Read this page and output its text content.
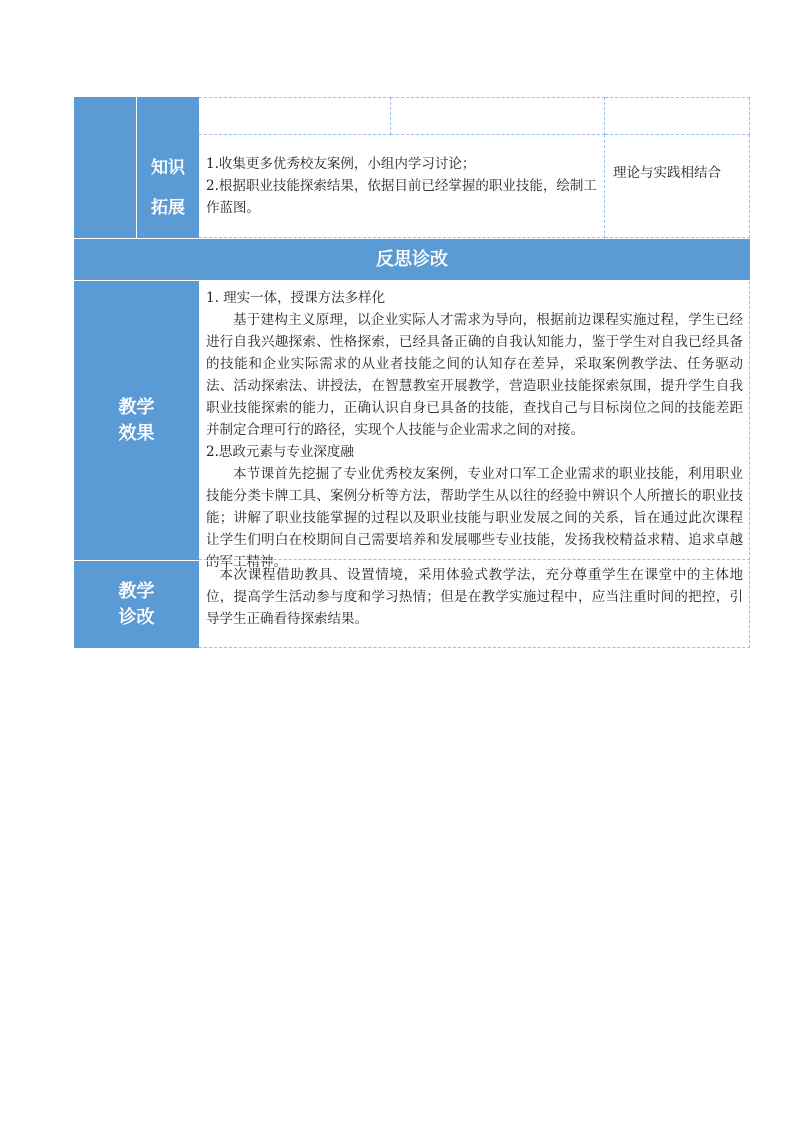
知识
拓展

1.收集更多优秀校友案例，小组内学习讨论；

2.根据职业技能探索结果，依据目前已经掌握的职业技能，绘制工作蓝图。

理论与实践相结合

反思诊改
教学
效果

1. 理实一体，授课方法多样化

基于建构主义原理，以企业实际人才需求为导向，根据前边课程实施过程，学生已经进行自我兴趣探索、性格探索，已经具备正确的自我认知能力，鉴于学生对自我已经具备的技能和企业实际需求的从业者技能之间的认知存在差异，采取案例教学法、任务驱动法、活动探索法、讲授法，在智慧教室开展教学，营造职业技能探索氛围，提升学生自我职业技能探索的能力，正确认识自身已具备的技能，查找自己与目标岗位之间的技能差距并制定合理可行的路径，实现个人技能与企业需求之间的对接。

2.思政元素与专业深度融

本节课首先挖掘了专业优秀校友案例，专业对口军工企业需求的职业技能，利用职业技能分类卡牌工具、案例分析等方法，帮助学生从以往的经验中辨识个人所擅长的职业技能；讲解了职业技能掌握的过程以及职业技能与职业发展之间的关系，旨在通过此次课程让学生们明白在校期间自己需要培养和发展哪些专业技能，发扬我校精益求精、追求卓越的军工精神。

教学
诊改

本次课程借助教具、设置情境，采用体验式教学法，充分尊重学生在课堂中的主体地位，提高学生活动参与度和学习热情；但是在教学实施过程中，应当注重时间的把控，引导学生正确看待探索结果。
